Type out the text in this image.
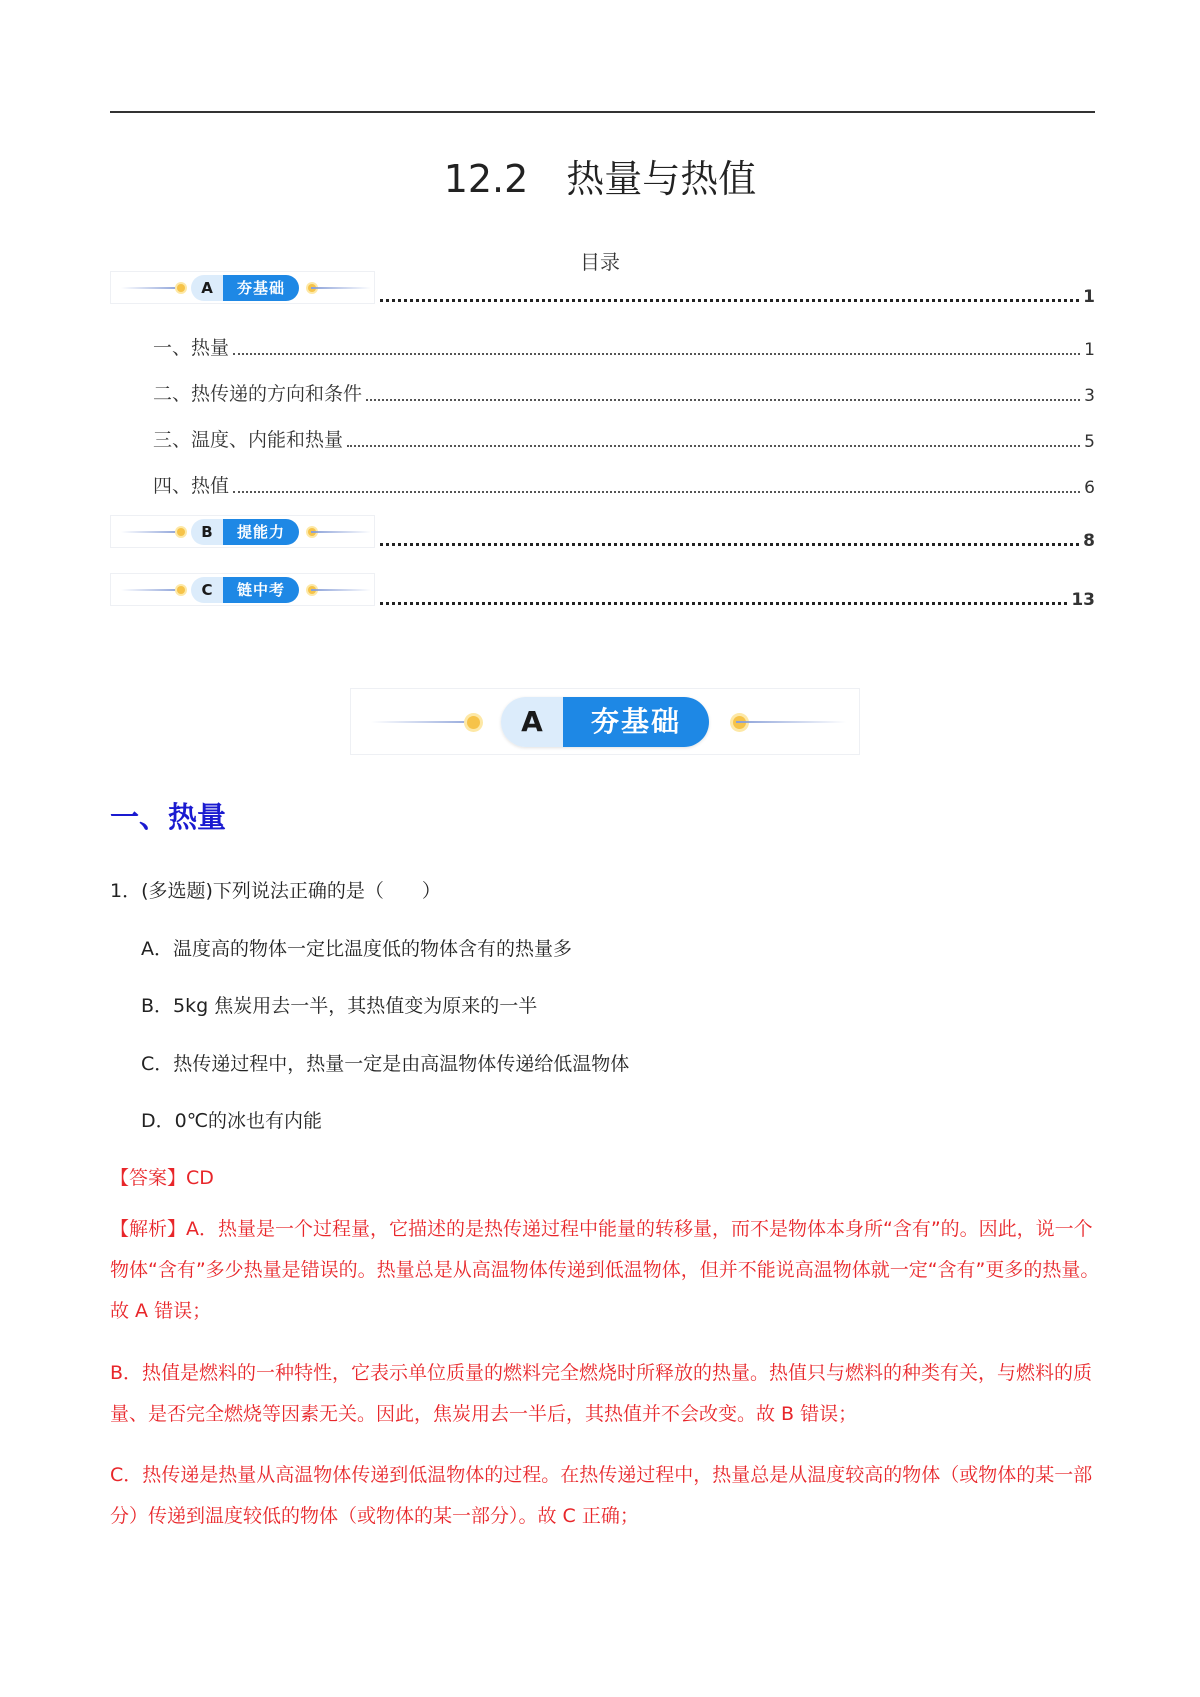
12.2 热量与热值
目录
A	夯基础	1
一、热量	1
二、热传递的方向和条件	3
三、温度、内能和热量	5
四、热值	6
B	提能力	8
C	链中考	13
A	夯基础
一、热量
1．(多选题)下列说法正确的是（　　）
A．温度高的物体一定比温度低的物体含有的热量多
B．5kg 焦炭用去一半，其热值变为原来的一半
C．热传递过程中，热量一定是由高温物体传递给低温物体
D．0℃的冰也有内能
【答案】CD
【解析】A．热量是一个过程量，它描述的是热传递过程中能量的转移量，而不是物体本身所“含有”的。因此，说一个物体“含有”多少热量是错误的。热量总是从高温物体传递到低温物体，但并不能说高温物体就一定“含有”更多的热量。故 A 错误；
B．热值是燃料的一种特性，它表示单位质量的燃料完全燃烧时所释放的热量。热值只与燃料的种类有关，与燃料的质量、是否完全燃烧等因素无关。因此，焦炭用去一半后，其热值并不会改变。故 B 错误；
C．热传递是热量从高温物体传递到低温物体的过程。在热传递过程中，热量总是从温度较高的物体（或物体的某一部分）传递到温度较低的物体（或物体的某一部分）。故 C 正确；
